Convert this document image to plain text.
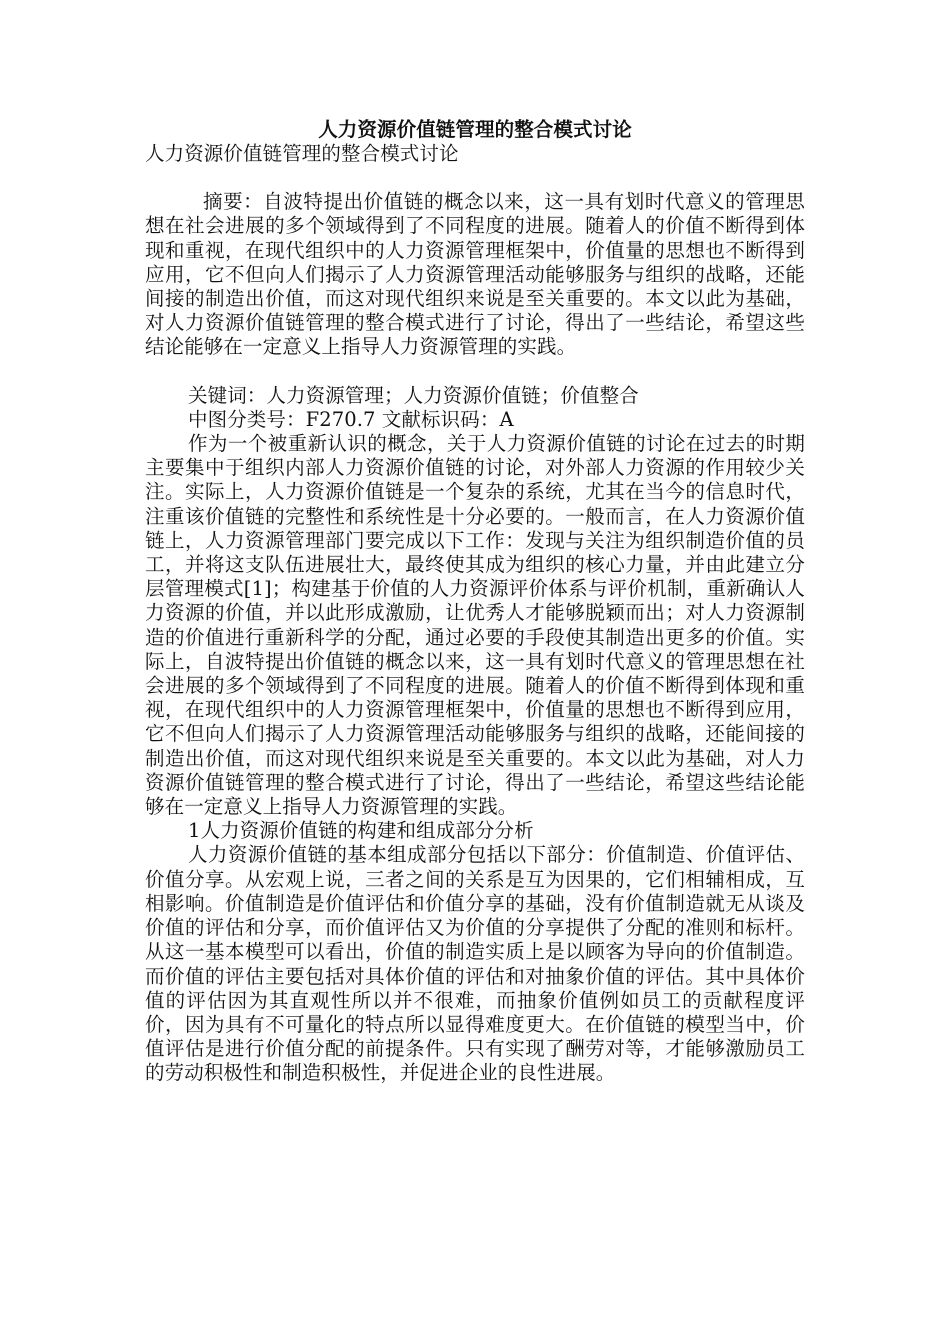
人力资源价值链管理的整合模式讨论

人力资源价值链管理的整合模式讨论

摘要：自波特提出价值链的概念以来，这一具有划时代意义的管理思想在社会进展的多个领域得到了不同程度的进展。随着人的价值不断得到体现和重视，在现代组织中的人力资源管理框架中，价值量的思想也不断得到应用，它不但向人们揭示了人力资源管理活动能够服务与组织的战略，还能间接的制造出价值，而这对现代组织来说是至关重要的。本文以此为基础，对人力资源价值链管理的整合模式进行了讨论，得出了一些结论，希望这些结论能够在一定意义上指导人力资源管理的实践。

关键词：人力资源管理；人力资源价值链；价值整合

中图分类号：F270.7 文献标识码：A

作为一个被重新认识的概念，关于人力资源价值链的讨论在过去的时期主要集中于组织内部人力资源价值链的讨论，对外部人力资源的作用较少关注。实际上，人力资源价值链是一个复杂的系统，尤其在当今的信息时代，注重该价值链的完整性和系统性是十分必要的。一般而言，在人力资源价值链上，人力资源管理部门要完成以下工作：发现与关注为组织制造价值的员工，并将这支队伍进展壮大，最终使其成为组织的核心力量，并由此建立分层管理模式[1]；构建基于价值的人力资源评价体系与评价机制，重新确认人力资源的价值，并以此形成激励，让优秀人才能够脱颖而出；对人力资源制造的价值进行重新科学的分配，通过必要的手段使其制造出更多的价值。实际上，自波特提出价值链的概念以来，这一具有划时代意义的管理思想在社会进展的多个领域得到了不同程度的进展。随着人的价值不断得到体现和重视，在现代组织中的人力资源管理框架中，价值量的思想也不断得到应用，它不但向人们揭示了人力资源管理活动能够服务与组织的战略，还能间接的制造出价值，而这对现代组织来说是至关重要的。本文以此为基础，对人力资源价值链管理的整合模式进行了讨论，得出了一些结论，希望这些结论能够在一定意义上指导人力资源管理的实践。

1人力资源价值链的构建和组成部分分析

人力资源价值链的基本组成部分包括以下部分：价值制造、价值评估、价值分享。从宏观上说，三者之间的关系是互为因果的，它们相辅相成，互相影响。价值制造是价值评估和价值分享的基础，没有价值制造就无从谈及价值的评估和分享，而价值评估又为价值的分享提供了分配的准则和标杆。从这一基本模型可以看出，价值的制造实质上是以顾客为导向的价值制造。而价值的评估主要包括对具体价值的评估和对抽象价值的评估。其中具体价值的评估因为其直观性所以并不很难，而抽象价值例如员工的贡献程度评价，因为具有不可量化的特点所以显得难度更大。在价值链的模型当中，价值评估是进行价值分配的前提条件。只有实现了酬劳对等，才能够激励员工的劳动积极性和制造积极性，并促进企业的良性进展。
